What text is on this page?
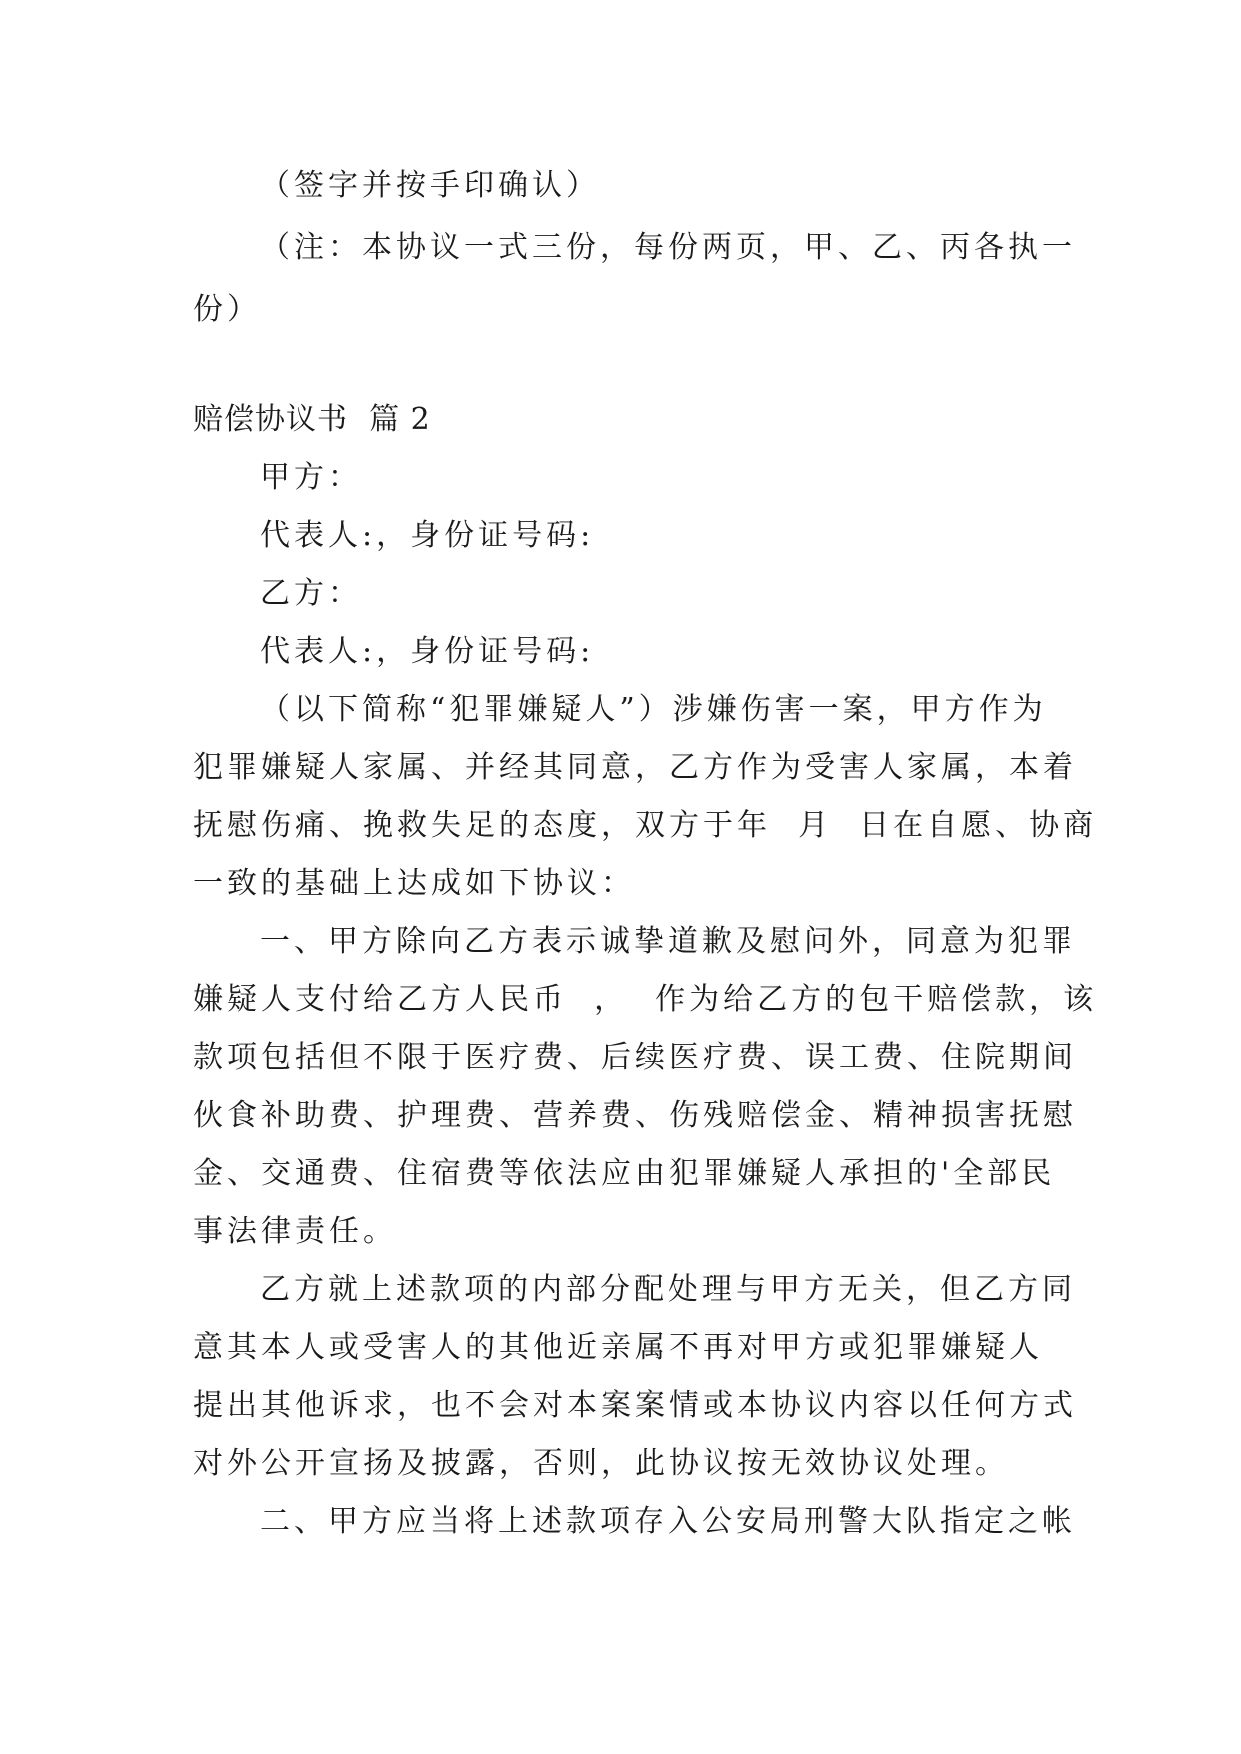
（签字并按手印确认）
（注：本协议一式三份，每份两页，甲、乙、丙各执一
份）
赔偿协议书  篇 2
甲方：
代表人:，身份证号码:
乙方：
代表人:，身份证号码:
（以下简称“犯罪嫌疑人”）涉嫌伤害一案，甲方作为
犯罪嫌疑人家属、并经其同意，乙方作为受害人家属，本着
抚慰伤痛、挽救失足的态度，双方于年  月  日在自愿、协商
一致的基础上达成如下协议：
一、甲方除向乙方表示诚挚道歉及慰问外，同意为犯罪
嫌疑人支付给乙方人民币  ，  作为给乙方的包干赔偿款，该
款项包括但不限于医疗费、后续医疗费、误工费、住院期间
伙食补助费、护理费、营养费、伤残赔偿金、精神损害抚慰
金、交通费、住宿费等依法应由犯罪嫌疑人承担的'全部民
事法律责任。
乙方就上述款项的内部分配处理与甲方无关，但乙方同
意其本人或受害人的其他近亲属不再对甲方或犯罪嫌疑人
提出其他诉求，也不会对本案案情或本协议内容以任何方式
对外公开宣扬及披露，否则，此协议按无效协议处理。
二、甲方应当将上述款项存入公安局刑警大队指定之帐
